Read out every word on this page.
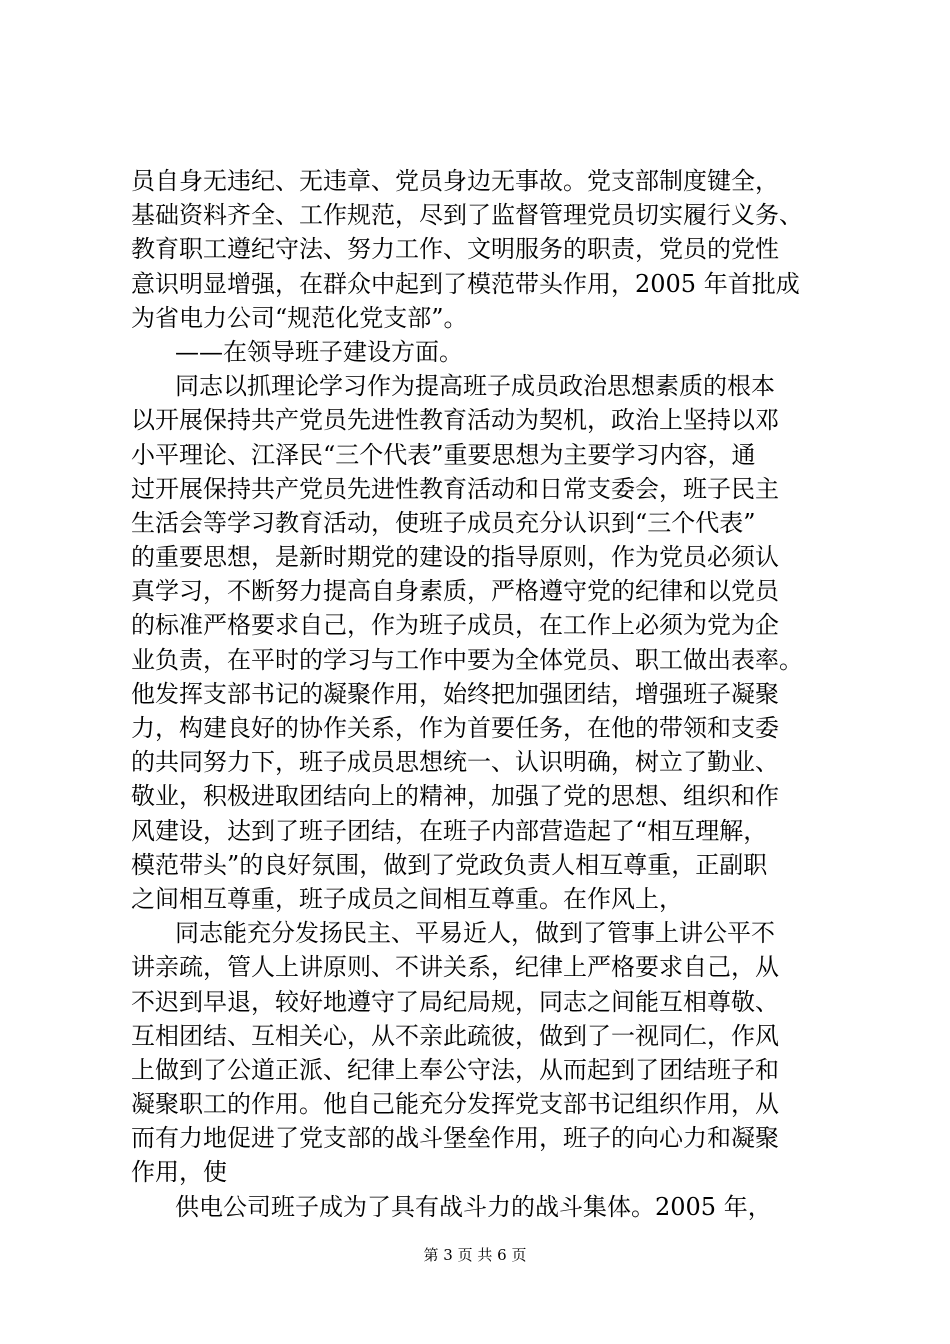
员自身无违纪、无违章、党员身边无事故。党支部制度键全，
基础资料齐全、工作规范，尽到了监督管理党员切实履行义务、
教育职工遵纪守法、努力工作、文明服务的职责，党员的党性
意识明显增强，在群众中起到了模范带头作用，2005 年首批成
为省电力公司“规范化党支部”。
——在领导班子建设方面。
同志以抓理论学习作为提高班子成员政治思想素质的根本
以开展保持共产党员先进性教育活动为契机，政治上坚持以邓
小平理论、江泽民“三个代表”重要思想为主要学习内容，通
过开展保持共产党员先进性教育活动和日常支委会，班子民主
生活会等学习教育活动，使班子成员充分认识到“三个代表”
的重要思想，是新时期党的建设的指导原则，作为党员必须认
真学习，不断努力提高自身素质，严格遵守党的纪律和以党员
的标准严格要求自己，作为班子成员，在工作上必须为党为企
业负责，在平时的学习与工作中要为全体党员、职工做出表率。
他发挥支部书记的凝聚作用，始终把加强团结，增强班子凝聚
力，构建良好的协作关系，作为首要任务，在他的带领和支委
的共同努力下，班子成员思想统一、认识明确，树立了勤业、
敬业，积极进取团结向上的精神，加强了党的思想、组织和作
风建设，达到了班子团结，在班子内部营造起了“相互理解，
模范带头”的良好氛围，做到了党政负责人相互尊重，正副职
之间相互尊重，班子成员之间相互尊重。在作风上，
同志能充分发扬民主、平易近人，做到了管事上讲公平不
讲亲疏，管人上讲原则、不讲关系，纪律上严格要求自己，从
不迟到早退，较好地遵守了局纪局规，同志之间能互相尊敬、
互相团结、互相关心，从不亲此疏彼，做到了一视同仁，作风
上做到了公道正派、纪律上奉公守法，从而起到了团结班子和
凝聚职工的作用。他自己能充分发挥党支部书记组织作用，从
而有力地促进了党支部的战斗堡垒作用，班子的向心力和凝聚
作用，使
供电公司班子成为了具有战斗力的战斗集体。2005 年，
第 3 页 共 6 页
